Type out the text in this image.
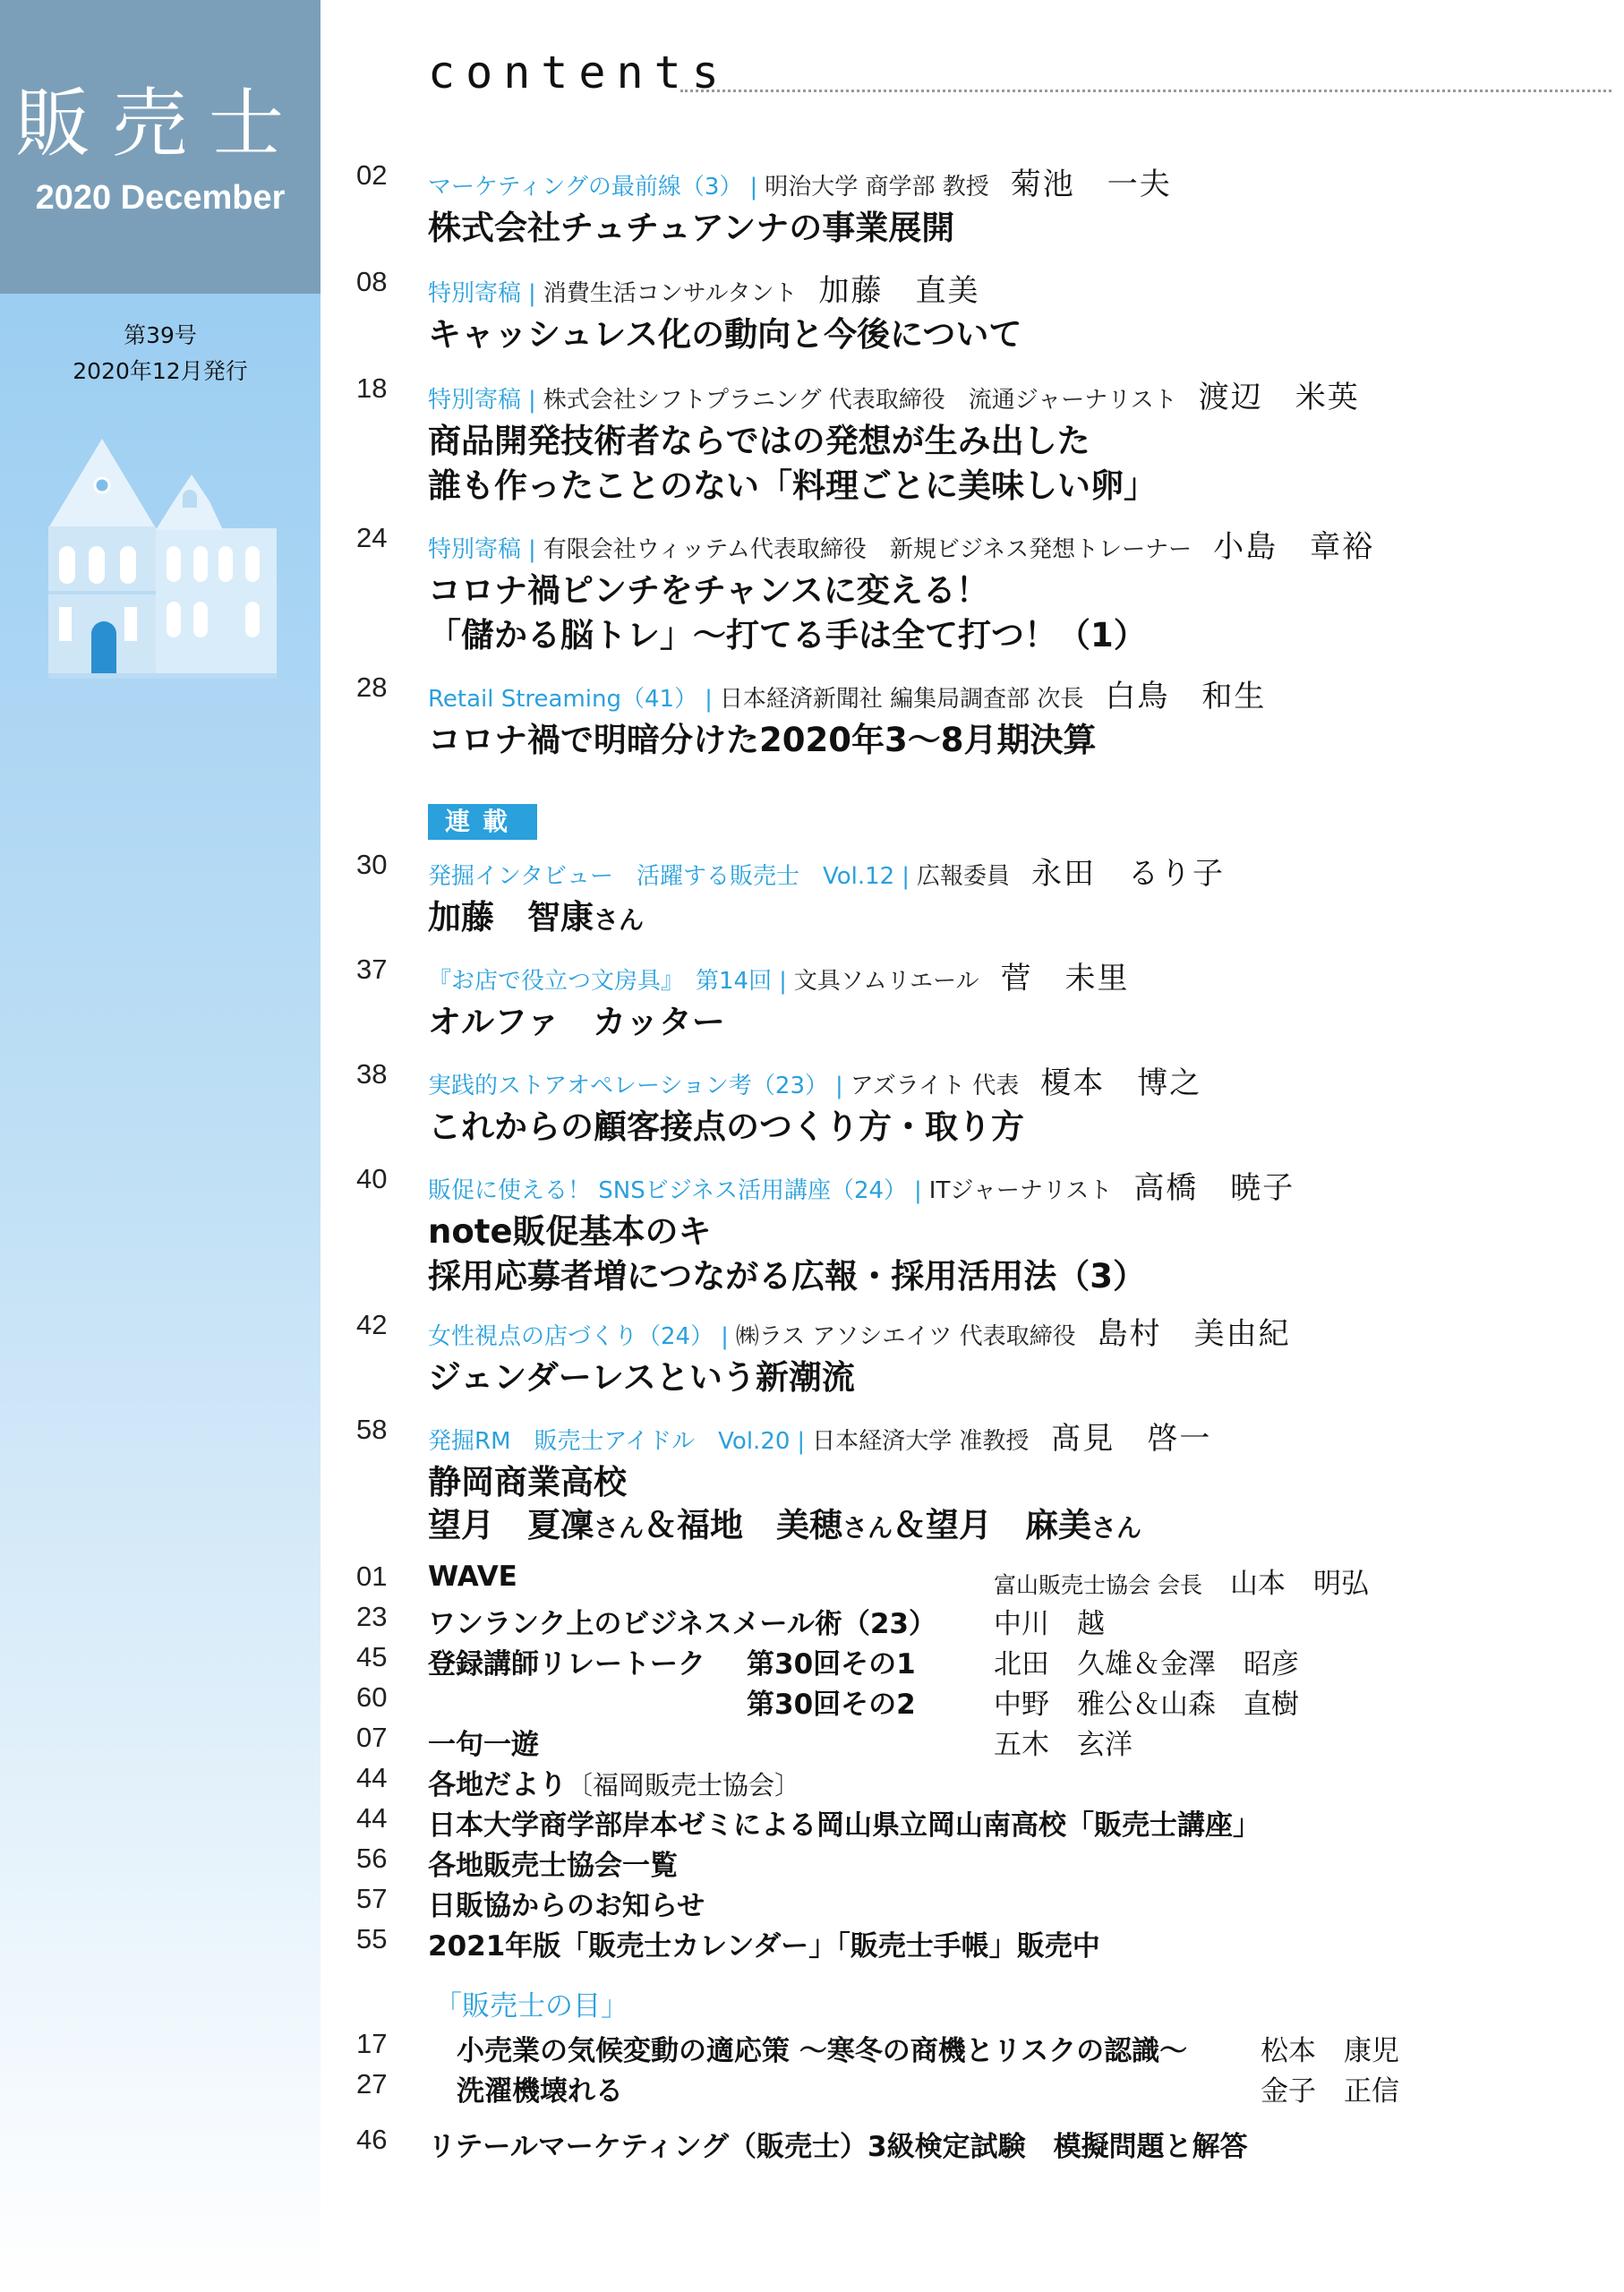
販売士
2020 December
第39号
2020年12月発行
contents
02 マーケティングの最前線（3） | 明治大学 商学部 教授 菊池　一夫
株式会社チュチュアンナの事業展開
08 特別寄稿 | 消費生活コンサルタント 加藤　直美
キャッシュレス化の動向と今後について
18 特別寄稿 | 株式会社シフトプラニング 代表取締役　流通ジャーナリスト 渡辺　米英
商品開発技術者ならではの発想が生み出した
誰も作ったことのない「料理ごとに美味しい卵」
24 特別寄稿 | 有限会社ウィッテム代表取締役　新規ビジネス発想トレーナー 小島　章裕
コロナ禍ピンチをチャンスに変える！
「儲かる脳トレ」～打てる手は全て打つ！（1）
28 Retail Streaming（41） | 日本経済新聞社 編集局調査部 次長 白鳥　和生
コロナ禍で明暗分けた2020年3～8月期決算
連載
30 発掘インタビュー　活躍する販売士　Vol.12 | 広報委員 永田　るり子
加藤　智康さん
37 『お店で役立つ文房具』　第14回 | 文具ソムリエール 菅　未里
オルファ　カッター
38 実践的ストアオペレーション考（23） | アズライト 代表 榎本　博之
これからの顧客接点のつくり方・取り方
40 販促に使える！ SNSビジネス活用講座（24） | ITジャーナリスト 高橋　暁子
note販促基本のキ
採用応募者増につながる広報・採用活用法（3）
42 女性視点の店づくり（24） | ㈱ラス アソシエイツ 代表取締役 島村　美由紀
ジェンダーレスという新潮流
58 発掘RM　販売士アイドル　Vol.20 | 日本経済大学 准教授 髙見　啓一
静岡商業高校
望月　夏凜さん＆福地　美穂さん＆望月　麻美さん
01 WAVE	富山販売士協会 会長　 山本　明弘
23 ワンランク上のビジネスメール術（23） 中川　越
45 登録講師リレートーク 第30回その1	北田　久雄＆金澤　昭彦
60	第30回その2	中野　雅公＆山森　直樹
07 一句一遊	五木　玄洋
44 各地だより〔福岡販売士協会〕
44 日本大学商学部岸本ゼミによる岡山県立岡山南高校「販売士講座」
56 各地販売士協会一覧
57 日販協からのお知らせ
55 2021年版「販売士カレンダー」「販売士手帳」販売中
「販売士の目」
17	小売業の気候変動の適応策 ～寒冬の商機とリスクの認識～	松本　康児
27	洗濯機壊れる	金子　正信
46 リテールマーケティング（販売士）3級検定試験　模擬問題と解答
